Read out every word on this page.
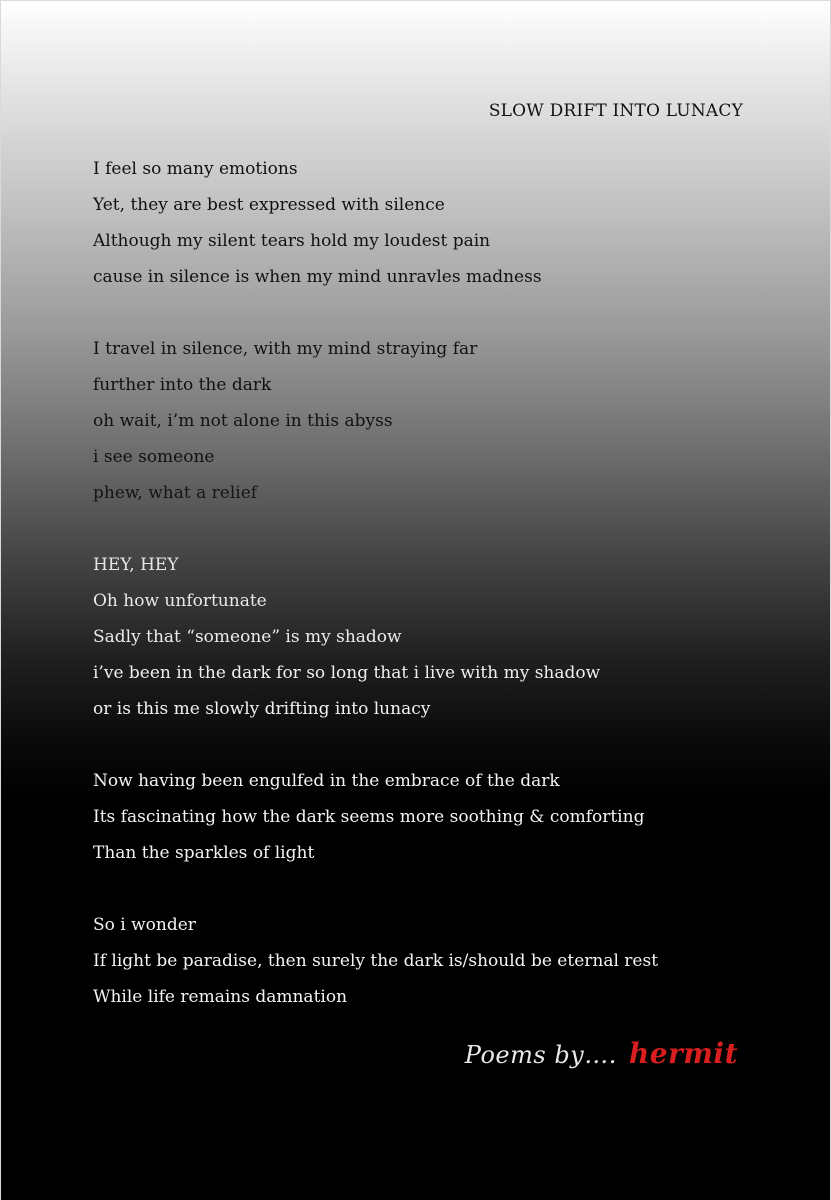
SLOW DRIFT INTO LUNACY
I feel so many emotions
Yet, they are best expressed with silence
Although my silent tears hold my loudest pain
cause in silence is when my mind unravles madness
I travel in silence, with my mind straying far
further into the dark
oh wait, i’m not alone in this abyss
i see someone
phew, what a relief
HEY, HEY
Oh how unfortunate
Sadly that “someone” is my shadow
i’ve been in the dark for so long that i live with my shadow
or is this me slowly drifting into lunacy
Now having been engulfed in the embrace of the dark
Its fascinating how the dark seems more soothing & comforting
Than the sparkles of light
So i wonder
If light be paradise, then surely the dark is/should be eternal rest
While life remains damnation
Poems by…. hermit
